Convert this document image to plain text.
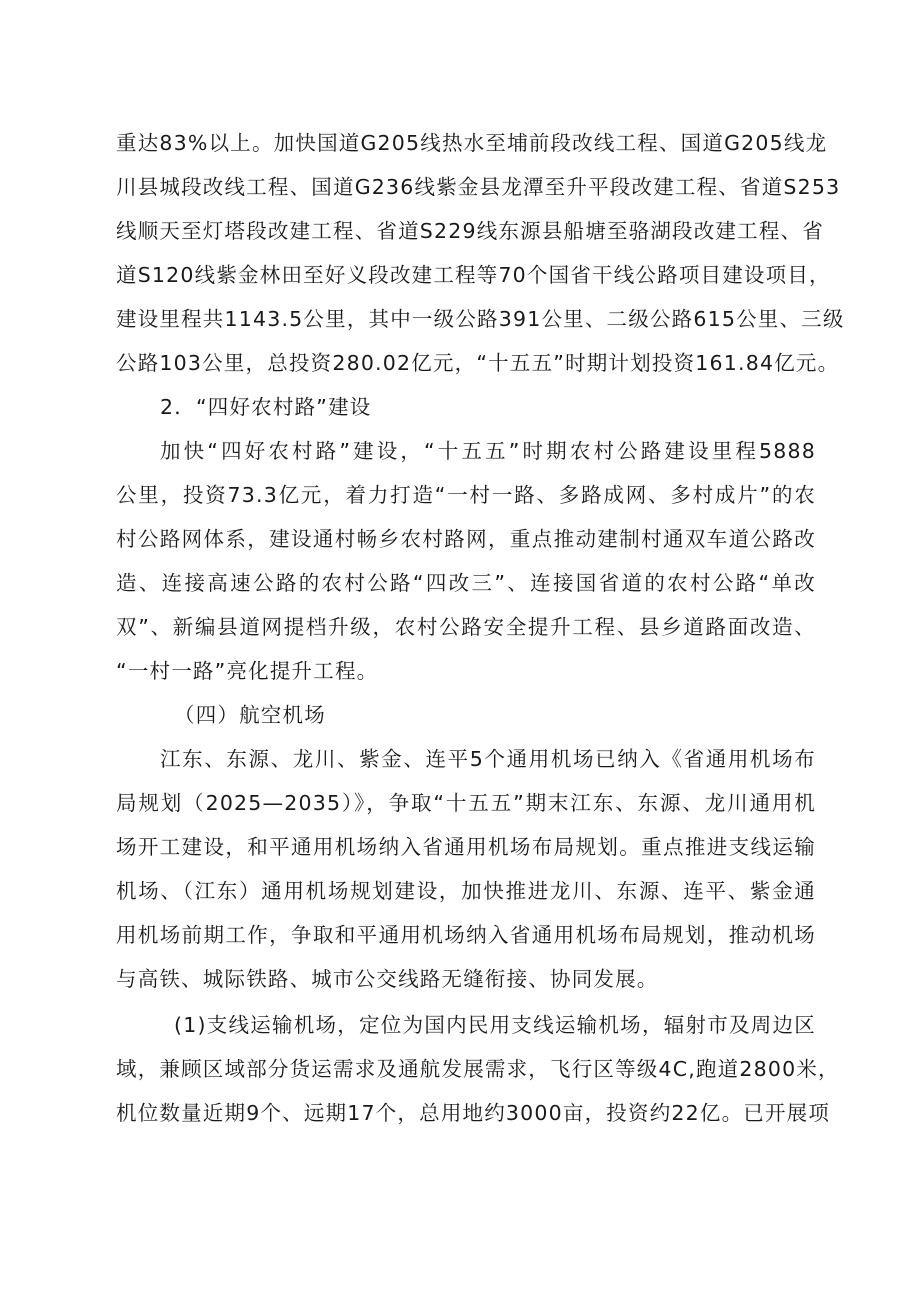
重达83%以上。加快国道G205线热水至埔前段改线工程、国道G205线龙
川县城段改线工程、国道G236线紫金县龙潭至升平段改建工程、省道S253
线顺天至灯塔段改建工程、省道S229线东源县船塘至骆湖段改建工程、省
道S120线紫金林田至好义段改建工程等70个国省干线公路项目建设项目，
建设里程共1143.5公里，其中一级公路391公里、二级公路615公里、三级
公路103公里，总投资280.02亿元，“十五五”时期计划投资161.84亿元。
2．“四好农村路”建设
加快“四好农村路”建设，“十五五”时期农村公路建设里程5888
公里，投资73.3亿元，着力打造“一村一路、多路成网、多村成片”的农
村公路网体系，建设通村畅乡农村路网，重点推动建制村通双车道公路改
造、连接高速公路的农村公路“四改三”、连接国省道的农村公路“单改
双”、新编县道网提档升级，农村公路安全提升工程、县乡道路面改造、
“一村一路”亮化提升工程。
（四）航空机场
江东、东源、龙川、紫金、连平5个通用机场已纳入《省通用机场布
局规划（2025—2035）》，争取“十五五”期末江东、东源、龙川通用机
场开工建设，和平通用机场纳入省通用机场布局规划。重点推进支线运输
机场、（江东）通用机场规划建设，加快推进龙川、东源、连平、紫金通
用机场前期工作，争取和平通用机场纳入省通用机场布局规划，推动机场
与高铁、城际铁路、城市公交线路无缝衔接、协同发展。
(1)支线运输机场，定位为国内民用支线运输机场，辐射市及周边区
域，兼顾区域部分货运需求及通航发展需求，飞行区等级4C,跑道2800米，
机位数量近期9个、远期17个，总用地约3000亩，投资约22亿。已开展项
